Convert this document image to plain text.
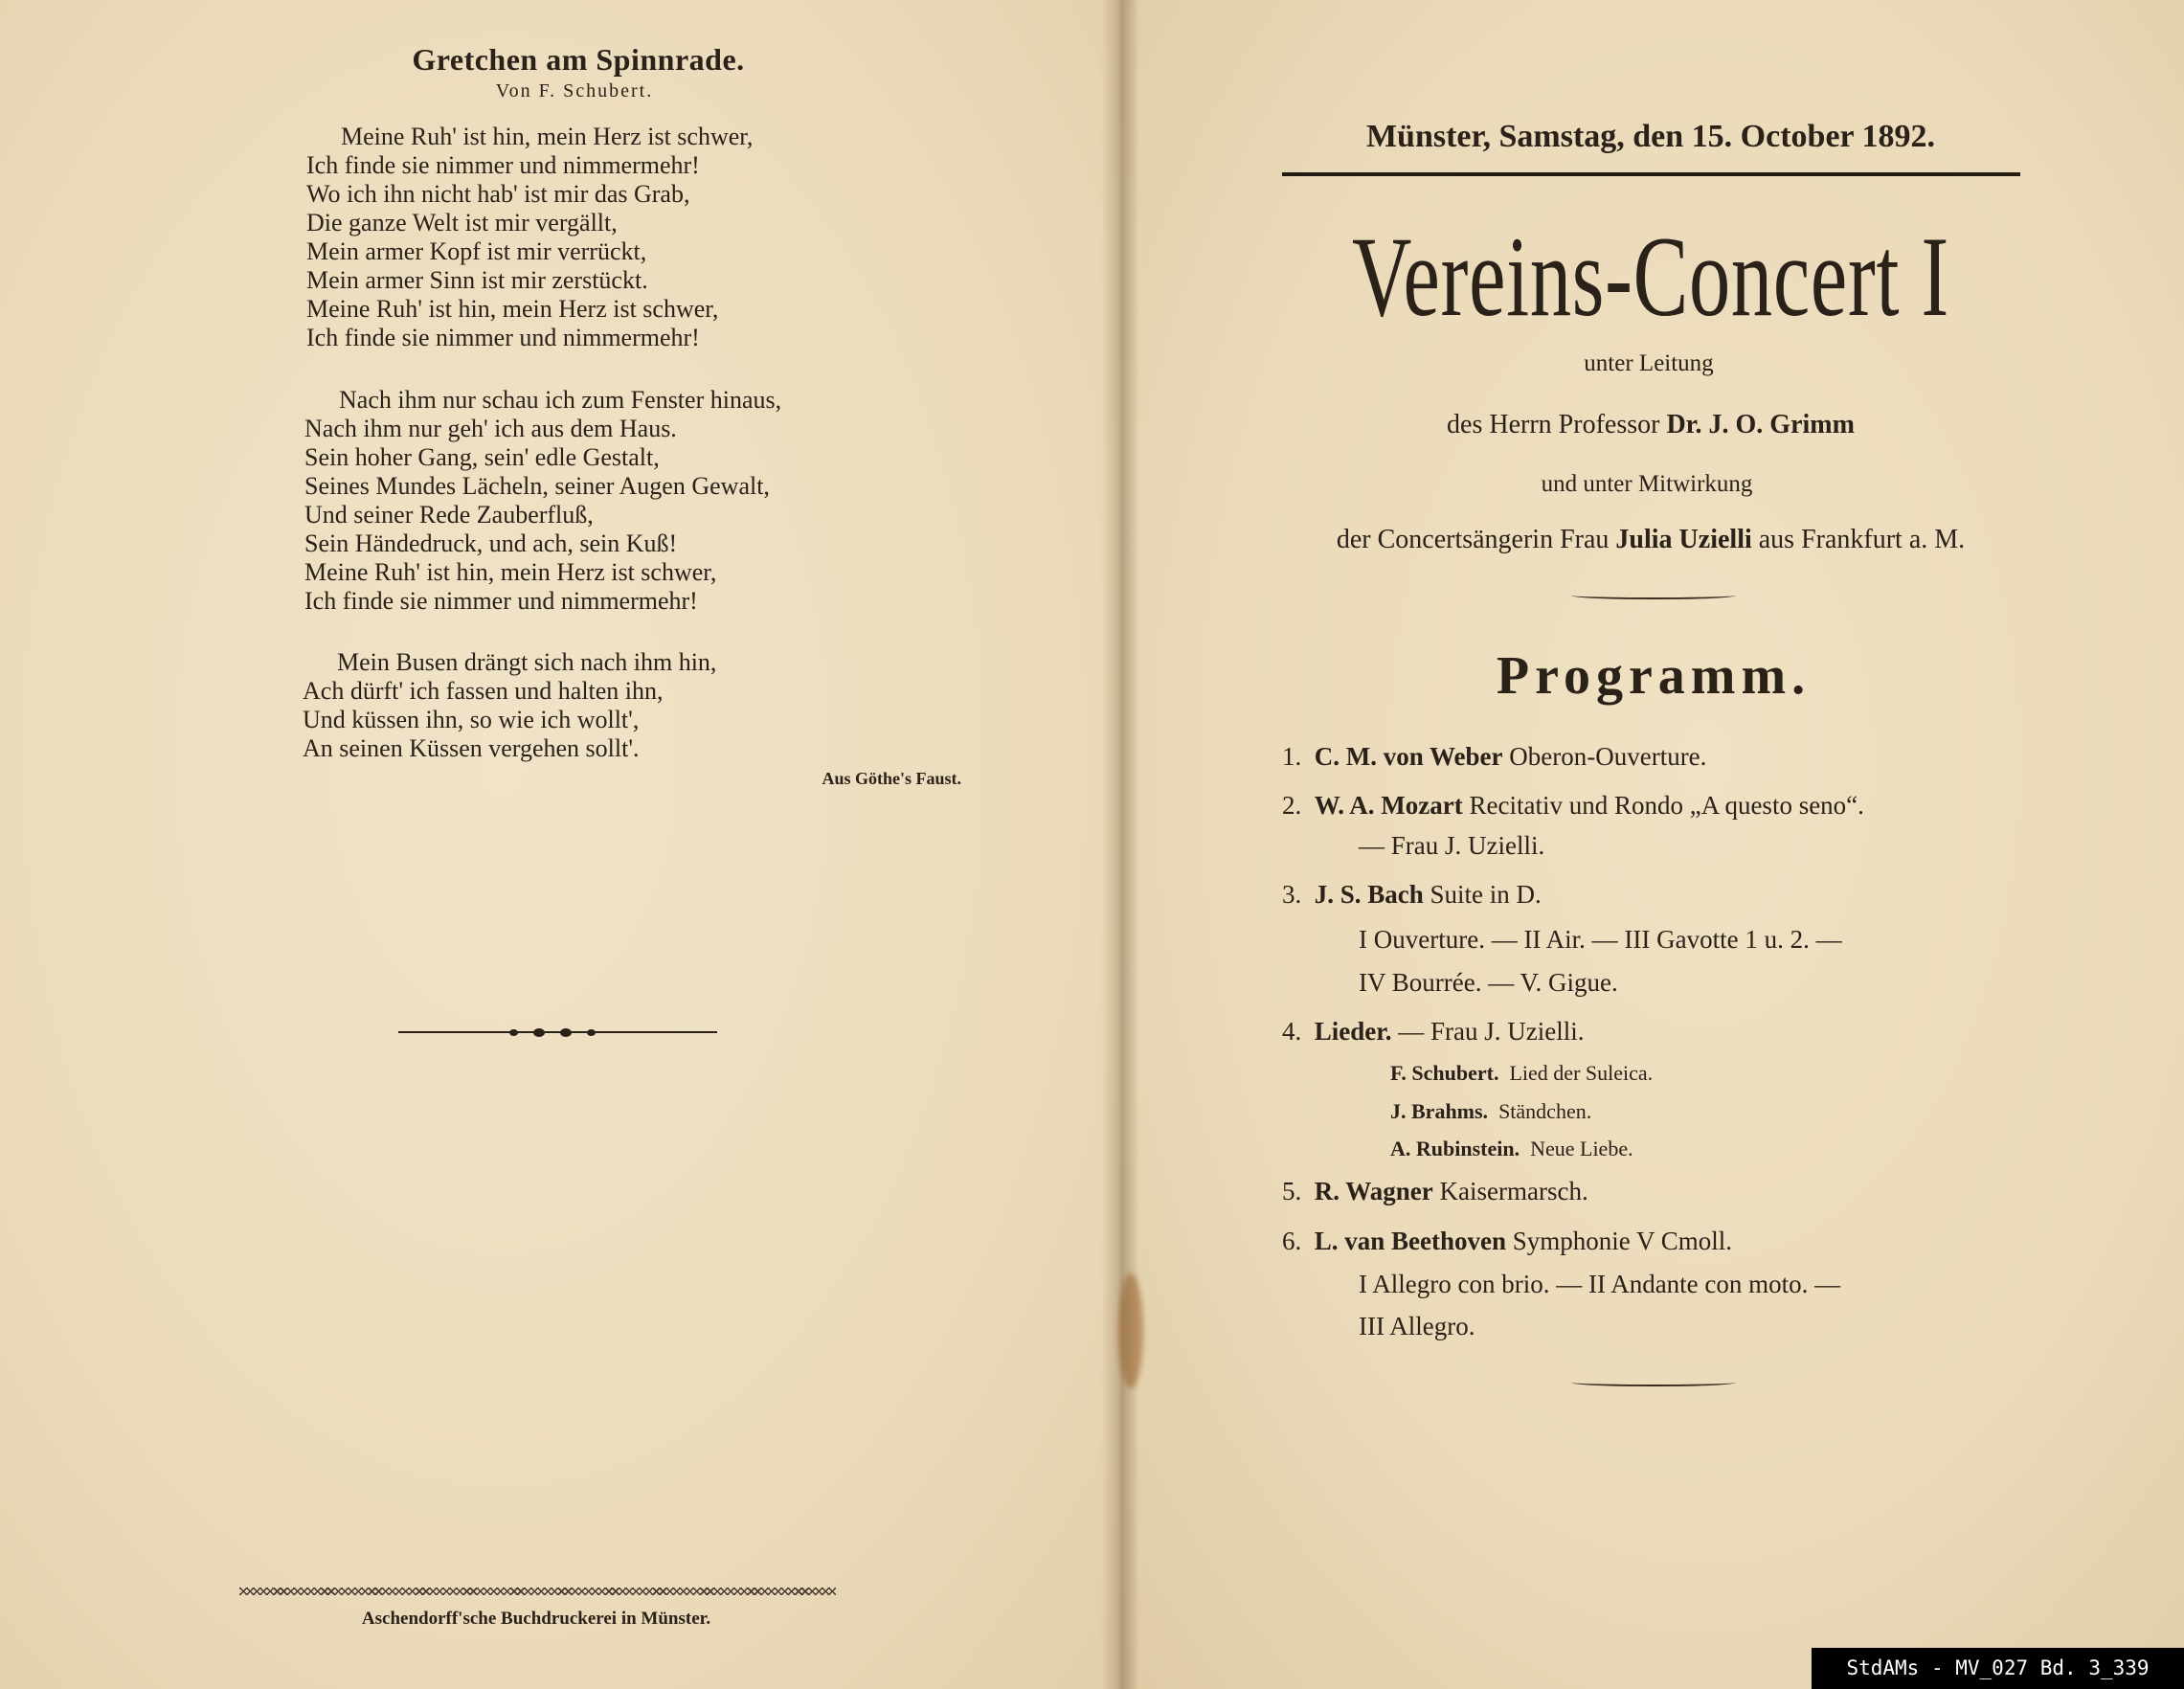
Gretchen am Spinnrade.
Von F. Schubert.
Meine Ruh' ist hin, mein Herz ist schwer,
Ich finde sie nimmer und nimmermehr!
Wo ich ihn nicht hab' ist mir das Grab,
Die ganze Welt ist mir vergällt,
Mein armer Kopf ist mir verrückt,
Mein armer Sinn ist mir zerstückt.
Meine Ruh' ist hin, mein Herz ist schwer,
Ich finde sie nimmer und nimmermehr!
Nach ihm nur schau ich zum Fenster hinaus,
Nach ihm nur geh' ich aus dem Haus.
Sein hoher Gang, sein' edle Gestalt,
Seines Mundes Lächeln, seiner Augen Gewalt,
Und seiner Rede Zauberfluß,
Sein Händedruck, und ach, sein Kuß!
Meine Ruh' ist hin, mein Herz ist schwer,
Ich finde sie nimmer und nimmermehr!
Mein Busen drängt sich nach ihm hin,
Ach dürft' ich fassen und halten ihn,
Und küssen ihn, so wie ich wollt',
An seinen Küssen vergehen sollt'.
Aus Göthe's Faust.
Aschendorff'sche Buchdruckerei in Münster.
Münster, Samstag, den 15. October 1892.
Vereins-Concert I
unter Leitung
des Herrn Professor Dr. J. O. Grimm
und unter Mitwirkung
der Concertsängerin Frau Julia Uzielli aus Frankfurt a. M.
Programm.
1. C. M. von Weber Oberon-Ouverture.
2. W. A. Mozart Recitativ und Rondo „A questo seno“.
— Frau J. Uzielli.
3. J. S. Bach Suite in D.
I Ouverture. — II Air. — III Gavotte 1 u. 2. —
IV Bourrée. — V. Gigue.
4. Lieder. — Frau J. Uzielli.
F. Schubert. Lied der Suleica.
J. Brahms. Ständchen.
A. Rubinstein. Neue Liebe.
5. R. Wagner Kaisermarsch.
6. L. van Beethoven Symphonie V Cmoll.
I Allegro con brio. — II Andante con moto. —
III Allegro.
StdAMs - MV_027 Bd. 3_339
